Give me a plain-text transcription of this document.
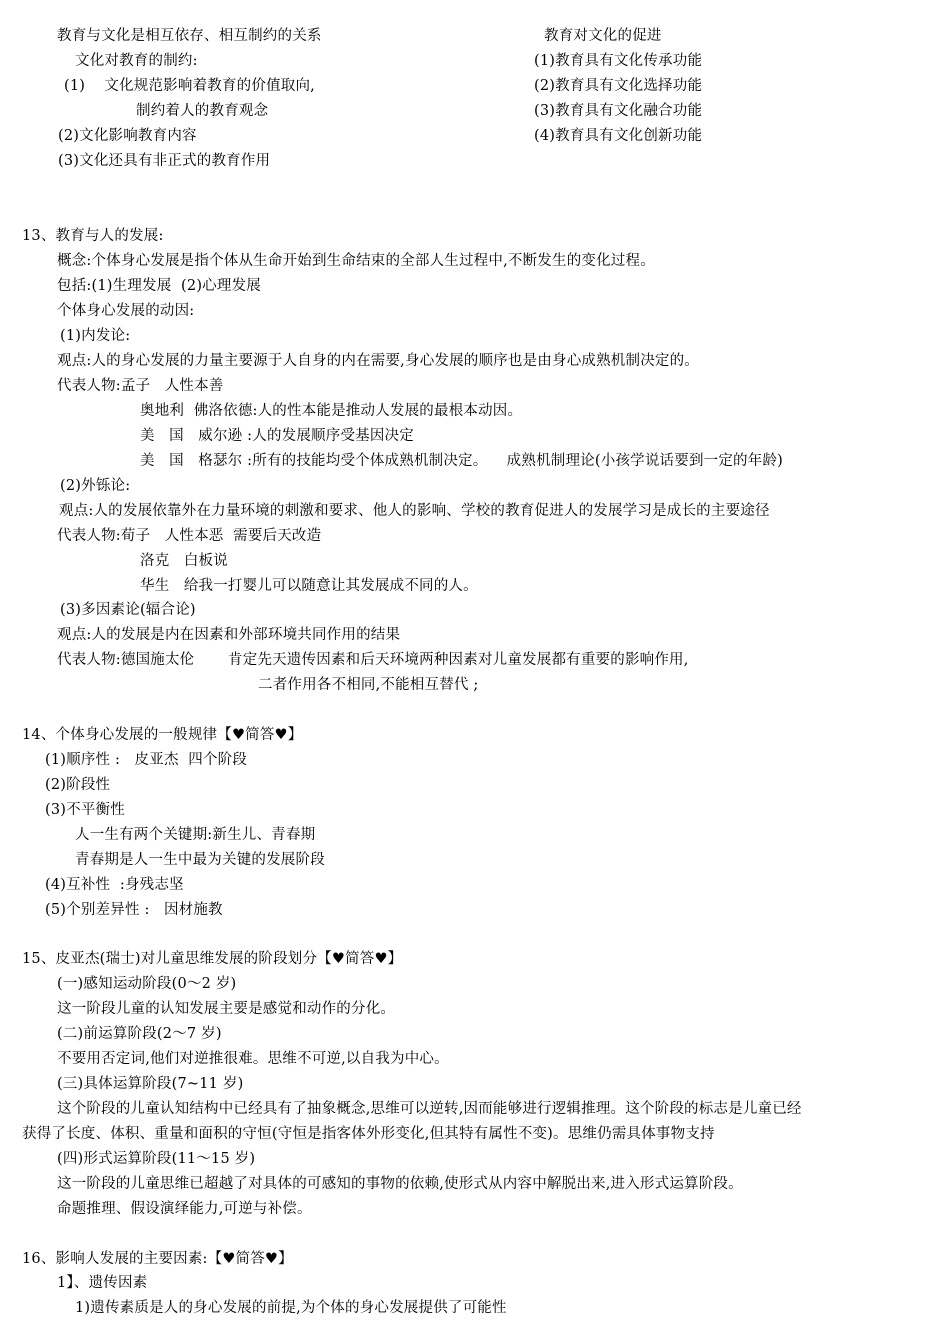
教育与文化是相互依存、相互制约的关系
文化对教育的制约:
(1)    文化规范影响着教育的价值取向,
制约着人的教育观念
(2)文化影响教育内容
(3)文化还具有非正式的教育作用
教育对文化的促进
(1)教育具有文化传承功能
(2)教育具有文化选择功能
(3)教育具有文化融合功能
(4)教育具有文化创新功能
13、教育与人的发展:
概念:个体身心发展是指个体从生命开始到生命结束的全部人生过程中,不断发生的变化过程。
包括:(1)生理发展  (2)心理发展
个体身心发展的动因:
(1)内发论:
观点:人的身心发展的力量主要源于人自身的内在需要,身心发展的顺序也是由身心成熟机制决定的。
代表人物:孟子   人性本善
奥地利  佛洛依德:人的性本能是推动人发展的最根本动因。
美   国   威尔逊 :人的发展顺序受基因决定
美   国   格瑟尔 :所有的技能均受个体成熟机制决定。    成熟机制理论(小孩学说话要到一定的年龄)
(2)外铄论:
观点:人的发展依靠外在力量环境的刺激和要求、他人的影响、学校的教育促进人的发展学习是成长的主要途径
代表人物:荀子   人性本恶  需要后天改造
洛克   白板说
华生   给我一打婴儿可以随意让其发展成不同的人。
(3)多因素论(辐合论)
观点:人的发展是内在因素和外部环境共同作用的结果
代表人物:德国施太伦       肯定先天遗传因素和后天环境两种因素对儿童发展都有重要的影响作用,
二者作用各不相同,不能相互替代 ;
14、个体身心发展的一般规律【♥简答♥】
(1)顺序性 :   皮亚杰  四个阶段
(2)阶段性
(3)不平衡性
人一生有两个关键期:新生儿、青春期
青春期是人一生中最为关键的发展阶段
(4)互补性  :身残志坚
(5)个别差异性 :   因材施教
15、皮亚杰(瑞士)对儿童思维发展的阶段划分【♥简答♥】
(一)感知运动阶段(0～2 岁)
这一阶段儿童的认知发展主要是感觉和动作的分化。
(二)前运算阶段(2～7 岁)
不要用否定词,他们对逆推很难。思维不可逆,以自我为中心。
(三)具体运算阶段(7~11 岁)
这个阶段的儿童认知结构中已经具有了抽象概念,思维可以逆转,因而能够进行逻辑推理。这个阶段的标志是儿童已经
获得了长度、体积、重量和面积的守恒(守恒是指客体外形变化,但其特有属性不变)。思维仍需具体事物支持
(四)形式运算阶段(11～15 岁)
这一阶段的儿童思维已超越了对具体的可感知的事物的依赖,使形式从内容中解脱出来,进入形式运算阶段。
命题推理、假设演绎能力,可逆与补偿。
16、影响人发展的主要因素:【♥简答♥】
1】、遗传因素
1)遗传素质是人的身心发展的前提,为个体的身心发展提供了可能性
